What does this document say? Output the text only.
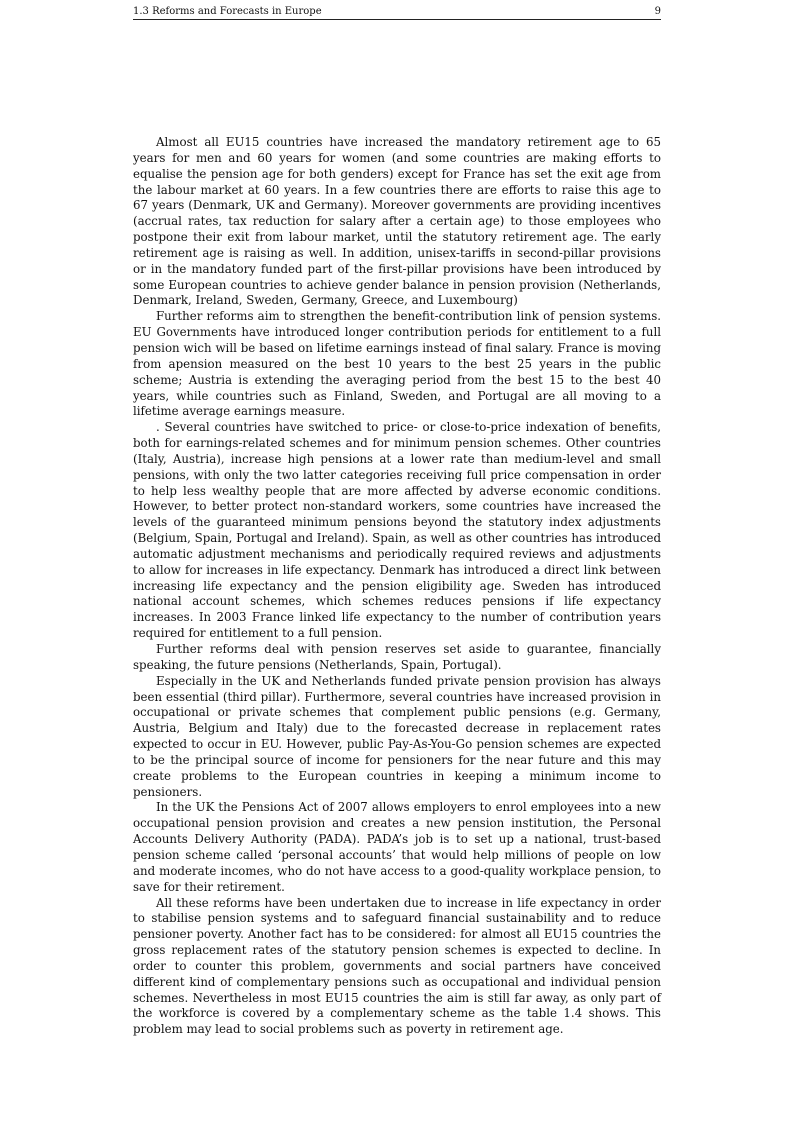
1.3 Reforms and Forecasts in Europe	9

Almost all EU15 countries have increased the mandatory retirement age to 65 years for men and 60 years for women (and some countries are making efforts to equalise the pension age for both genders) except for France has set the exit age from the labour market at 60 years. In a few countries there are efforts to raise this age to 67 years (Denmark, UK and Germany). Moreover governments are providing incentives (accrual rates, tax reduction for salary after a certain age) to those employees who postpone their exit from labour market, until the statutory retirement age. The early retirement age is raising as well. In addition, unisex-tariffs in second-pillar provisions or in the mandatory funded part of the first-pillar provisions have been introduced by some European countries to achieve gender balance in pension provision (Netherlands, Denmark, Ireland, Sweden, Germany, Greece, and Luxembourg)

Further reforms aim to strengthen the benefit-contribution link of pension systems. EU Governments have introduced longer contribution periods for entitlement to a full pension wich will be based on lifetime earnings instead of final salary. France is moving from apension measured on the best 10 years to the best 25 years in the public scheme; Austria is extending the averaging period from the best 15 to the best 40 years, while countries such as Finland, Sweden, and Portugal are all moving to a lifetime average earnings measure.

. Several countries have switched to price- or close-to-price indexation of benefits, both for earnings-related schemes and for minimum pension schemes. Other countries (Italy, Austria), increase high pensions at a lower rate than medium-level and small pensions, with only the two latter categories receiving full price compensation in order to help less wealthy people that are more affected by adverse economic conditions. However, to better protect non-standard workers, some countries have increased the levels of the guaranteed minimum pensions beyond the statutory index adjustments (Belgium, Spain, Portugal and Ireland). Spain, as well as other countries has introduced automatic adjustment mechanisms and periodically required reviews and adjustments to allow for increases in life expectancy. Denmark has introduced a direct link between increasing life expectancy and the pension eligibility age. Sweden has introduced national account schemes, which schemes reduces pensions if life expectancy increases. In 2003 France linked life expectancy to the number of contribution years required for entitlement to a full pension.

Further reforms deal with pension reserves set aside to guarantee, financially speaking, the future pensions (Netherlands, Spain, Portugal).

Especially in the UK and Netherlands funded private pension provision has always been essential (third pillar). Furthermore, several countries have increased provision in occupational or private schemes that complement public pensions (e.g. Germany, Austria, Belgium and Italy) due to the forecasted decrease in replacement rates expected to occur in EU. However, public Pay-As-You-Go pension schemes are expected to be the principal source of income for pensioners for the near future and this may create problems to the European countries in keeping a minimum income to pensioners.

In the UK the Pensions Act of 2007 allows employers to enrol employees into a new occupational pension provision and creates a new pension institution, the Personal Accounts Delivery Authority (PADA). PADA’s job is to set up a national, trust-based pension scheme called ‘personal accounts’ that would help millions of people on low and moderate incomes, who do not have access to a good-quality workplace pension, to save for their retirement.

All these reforms have been undertaken due to increase in life expectancy in order to stabilise pension systems and to safeguard financial sustainability and to reduce pensioner poverty. Another fact has to be considered: for almost all EU15 countries the gross replacement rates of the statutory pension schemes is expected to decline. In order to counter this problem, governments and social partners have conceived different kind of complementary pensions such as occupational and individual pension schemes. Nevertheless in most EU15 countries the aim is still far away, as only part of the workforce is covered by a complementary scheme as the table 1.4 shows. This problem may lead to social problems such as poverty in retirement age.
